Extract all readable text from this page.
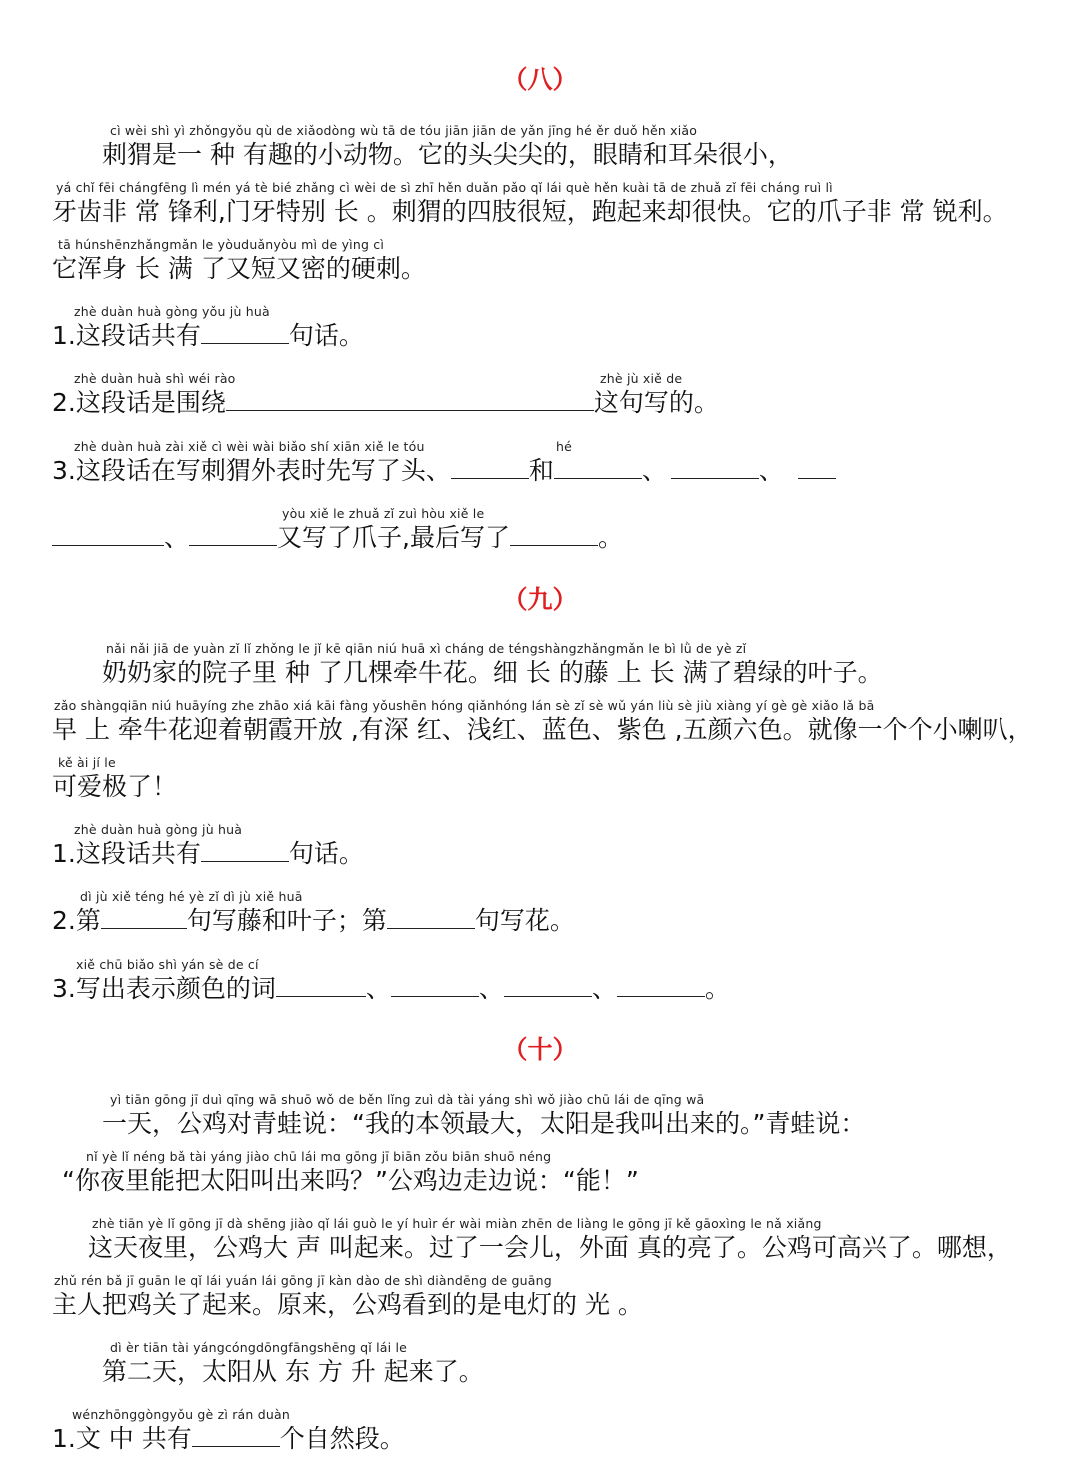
（八）
cì wèi shì yì zhǒngyǒu qù de xiǎodòng wù tā de tóu jiān jiān de yǎn jīng hé ěr duǒ hěn xiǎo
刺猬是一 种 有趣的小动物。它的头尖尖的，眼睛和耳朵很小，
yá chǐ fēi chángfēng lì mén yá tè bié zhǎng cì wèi de sì zhī hěn duǎn pǎo qǐ lái què hěn kuài tā de zhuǎ zǐ fēi cháng ruì lì
牙齿非 常 锋利,门牙特别 长 。刺猬的四肢很短，跑起来却很快。它的爪子非 常 锐利。
tā húnshēnzhǎngmǎn le yòuduǎnyòu mì de yìng cì
它浑身 长 满 了又短又密的硬刺。
zhè duàn huà gòng yǒu jù huà
1.这段话共有	句话。
zhè duàn huà shì wéi rào	zhè jù xiě de
2.这段话是围绕	这句写的。
zhè duàn huà zài xiě cì wèi wài biǎo shí xiān xiě le tóu	hé
3.这段话在写刺猬外表时先写了头、	和	、	、
yòu xiě le zhuǎ zǐ zuì hòu xiě le
、	又写了爪子,最后写了	。
（九）
nǎi nǎi jiā de yuàn zǐ lǐ zhǒng le jǐ kē qiān niú huā xì cháng de téngshàngzhǎngmǎn le bì lǜ de yè zǐ
奶奶家的院子里 种 了几棵牵牛花。细 长 的藤 上 长 满了碧绿的叶子。
zǎo shàngqiān niú huāyíng zhe zhāo xiá kāi fàng yǒushēn hóng qiǎnhóng lán sè zǐ sè wǔ yán liù sè jiù xiàng yí gè gè xiǎo lǎ bā
早 上 牵牛花迎着朝霞开放 ,有深 红、浅红、蓝色、紫色 ,五颜六色。就像一个个小喇叭，
kě ài jí le
可爱极了！
zhè duàn huà gòng jù huà
1.这段话共有	句话。
dì jù xiě téng hé yè zǐ dì jù xiě huā
2.第	句写藤和叶子；第	句写花。
xiě chū biǎo shì yán sè de cí
3.写出表示颜色的词	、	、	、	。
（十）
yì tiān gōng jī duì qīng wā shuō wǒ de běn lǐng zuì dà tài yáng shì wǒ jiào chū lái de qīng wā
一天，公鸡对青蛙说：“我的本领最大，太阳是我叫出来的。”青蛙说：
nǐ yè lǐ néng bǎ tài yáng jiào chū lái mɑ gōng jī biān zǒu biān shuō néng
“你夜里能把太阳叫出来吗？”公鸡边走边说：“能！”
zhè tiān yè lǐ gōng jī dà shēng jiào qǐ lái guò le yí huìr ér wài miàn zhēn de liàng le gōng jī kě gāoxìng le nǎ xiǎng
这天夜里，公鸡大 声 叫起来。过了一会儿，外面 真的亮了。公鸡可高兴了。哪想，
zhǔ rén bǎ jī guān le qǐ lái yuán lái gōng jī kàn dào de shì diàndēng de guāng
主人把鸡关了起来。原来，公鸡看到的是电灯的 光 。
dì èr tiān tài yángcóngdōngfāngshēng qǐ lái le
第二天，太阳从 东 方 升 起来了。
wénzhōnggòngyǒu gè zì rán duàn
1.文 中 共有	个自然段。
